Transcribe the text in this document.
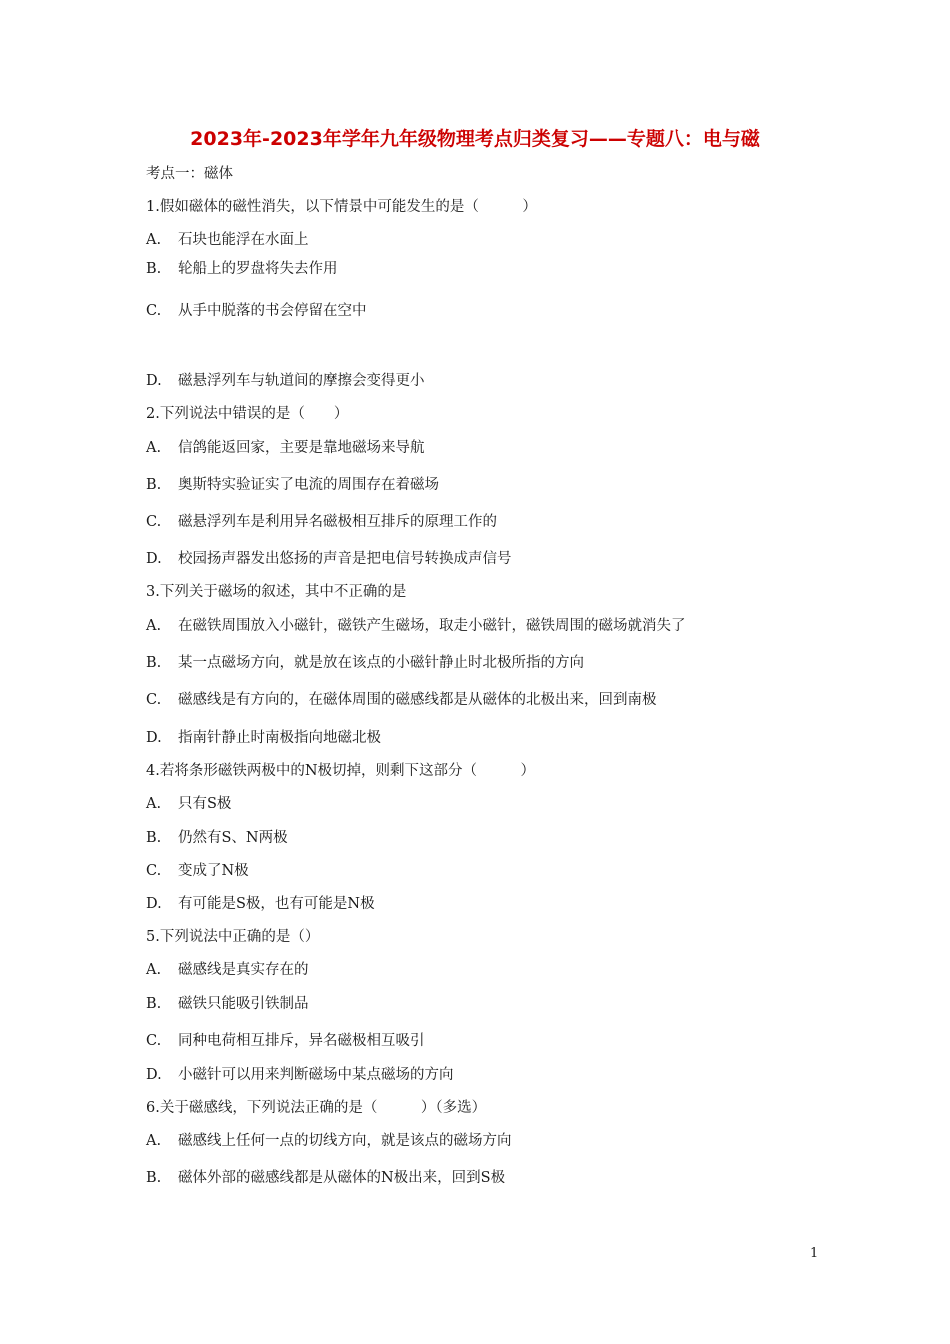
2023年-2023年学年九年级物理考点归类复习——专题八：电与磁
考点一：磁体
1.假如磁体的磁性消失，以下情景中可能发生的是（　　　）
A. 石块也能浮在水面上
B. 轮船上的罗盘将失去作用
C. 从手中脱落的书会停留在空中
D. 磁悬浮列车与轨道间的摩擦会变得更小
2.下列说法中错误的是（　　）
A. 信鸽能返回家，主要是靠地磁场来导航
B. 奥斯特实验证实了电流的周围存在着磁场
C. 磁悬浮列车是利用异名磁极相互排斥的原理工作的
D. 校园扬声器发出悠扬的声音是把电信号转换成声信号
3.下列关于磁场的叙述，其中不正确的是
A. 在磁铁周围放入小磁针，磁铁产生磁场，取走小磁针，磁铁周围的磁场就消失了
B. 某一点磁场方向，就是放在该点的小磁针静止时北极所指的方向
C. 磁感线是有方向的，在磁体周围的磁感线都是从磁体的北极出来，回到南极
D. 指南针静止时南极指向地磁北极
4.若将条形磁铁两极中的N极切掉，则剩下这部分（　　　）
A. 只有S极
B. 仍然有S、N两极
C. 变成了N极
D. 有可能是S极，也有可能是N极
5.下列说法中正确的是（）
A. 磁感线是真实存在的
B. 磁铁只能吸引铁制品
C. 同种电荷相互排斥，异名磁极相互吸引
D. 小磁针可以用来判断磁场中某点磁场的方向
6.关于磁感线，下列说法正确的是（　　　）（多选）
A. 磁感线上任何一点的切线方向，就是该点的磁场方向
B. 磁体外部的磁感线都是从磁体的N极出来，回到S极
1
